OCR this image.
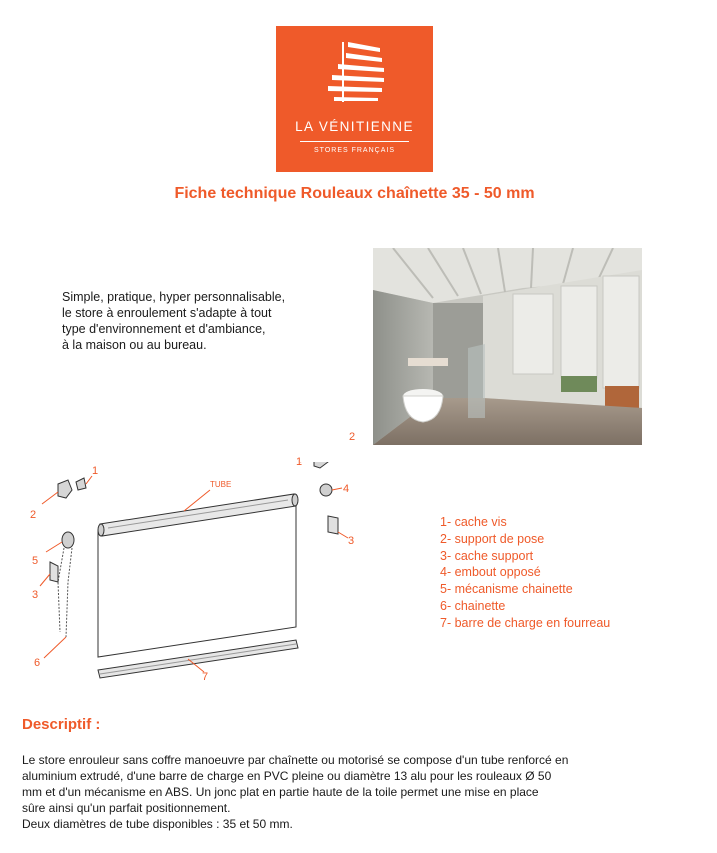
LA VÉNITIENNE
STORES FRANÇAIS
Fiche technique Rouleaux chaînette 35 - 50 mm
Simple, pratique, hyper personnalisable,
le store à enroulement s'adapte à tout
type d'environnement et d'ambiance,
à la maison ou au bureau.
1
2
5
3
6
7
4
3
TUBE
2
1
1- cache vis
2- support de pose
3- cache support
4- embout opposé
5- mécanisme chainette
6- chainette
7- barre de charge en fourreau
Descriptif :
Le store enrouleur sans coffre manoeuvre par chaînette ou motorisé se compose d'un tube renforcé en
aluminium extrudé, d'une barre de charge en PVC pleine ou diamètre 13 alu pour les rouleaux Ø 50
mm et d'un mécanisme en ABS. Un jonc plat en partie haute de la toile permet une mise en place
sûre ainsi qu'un parfait positionnement.
Deux diamètres de tube disponibles : 35 et 50 mm.
